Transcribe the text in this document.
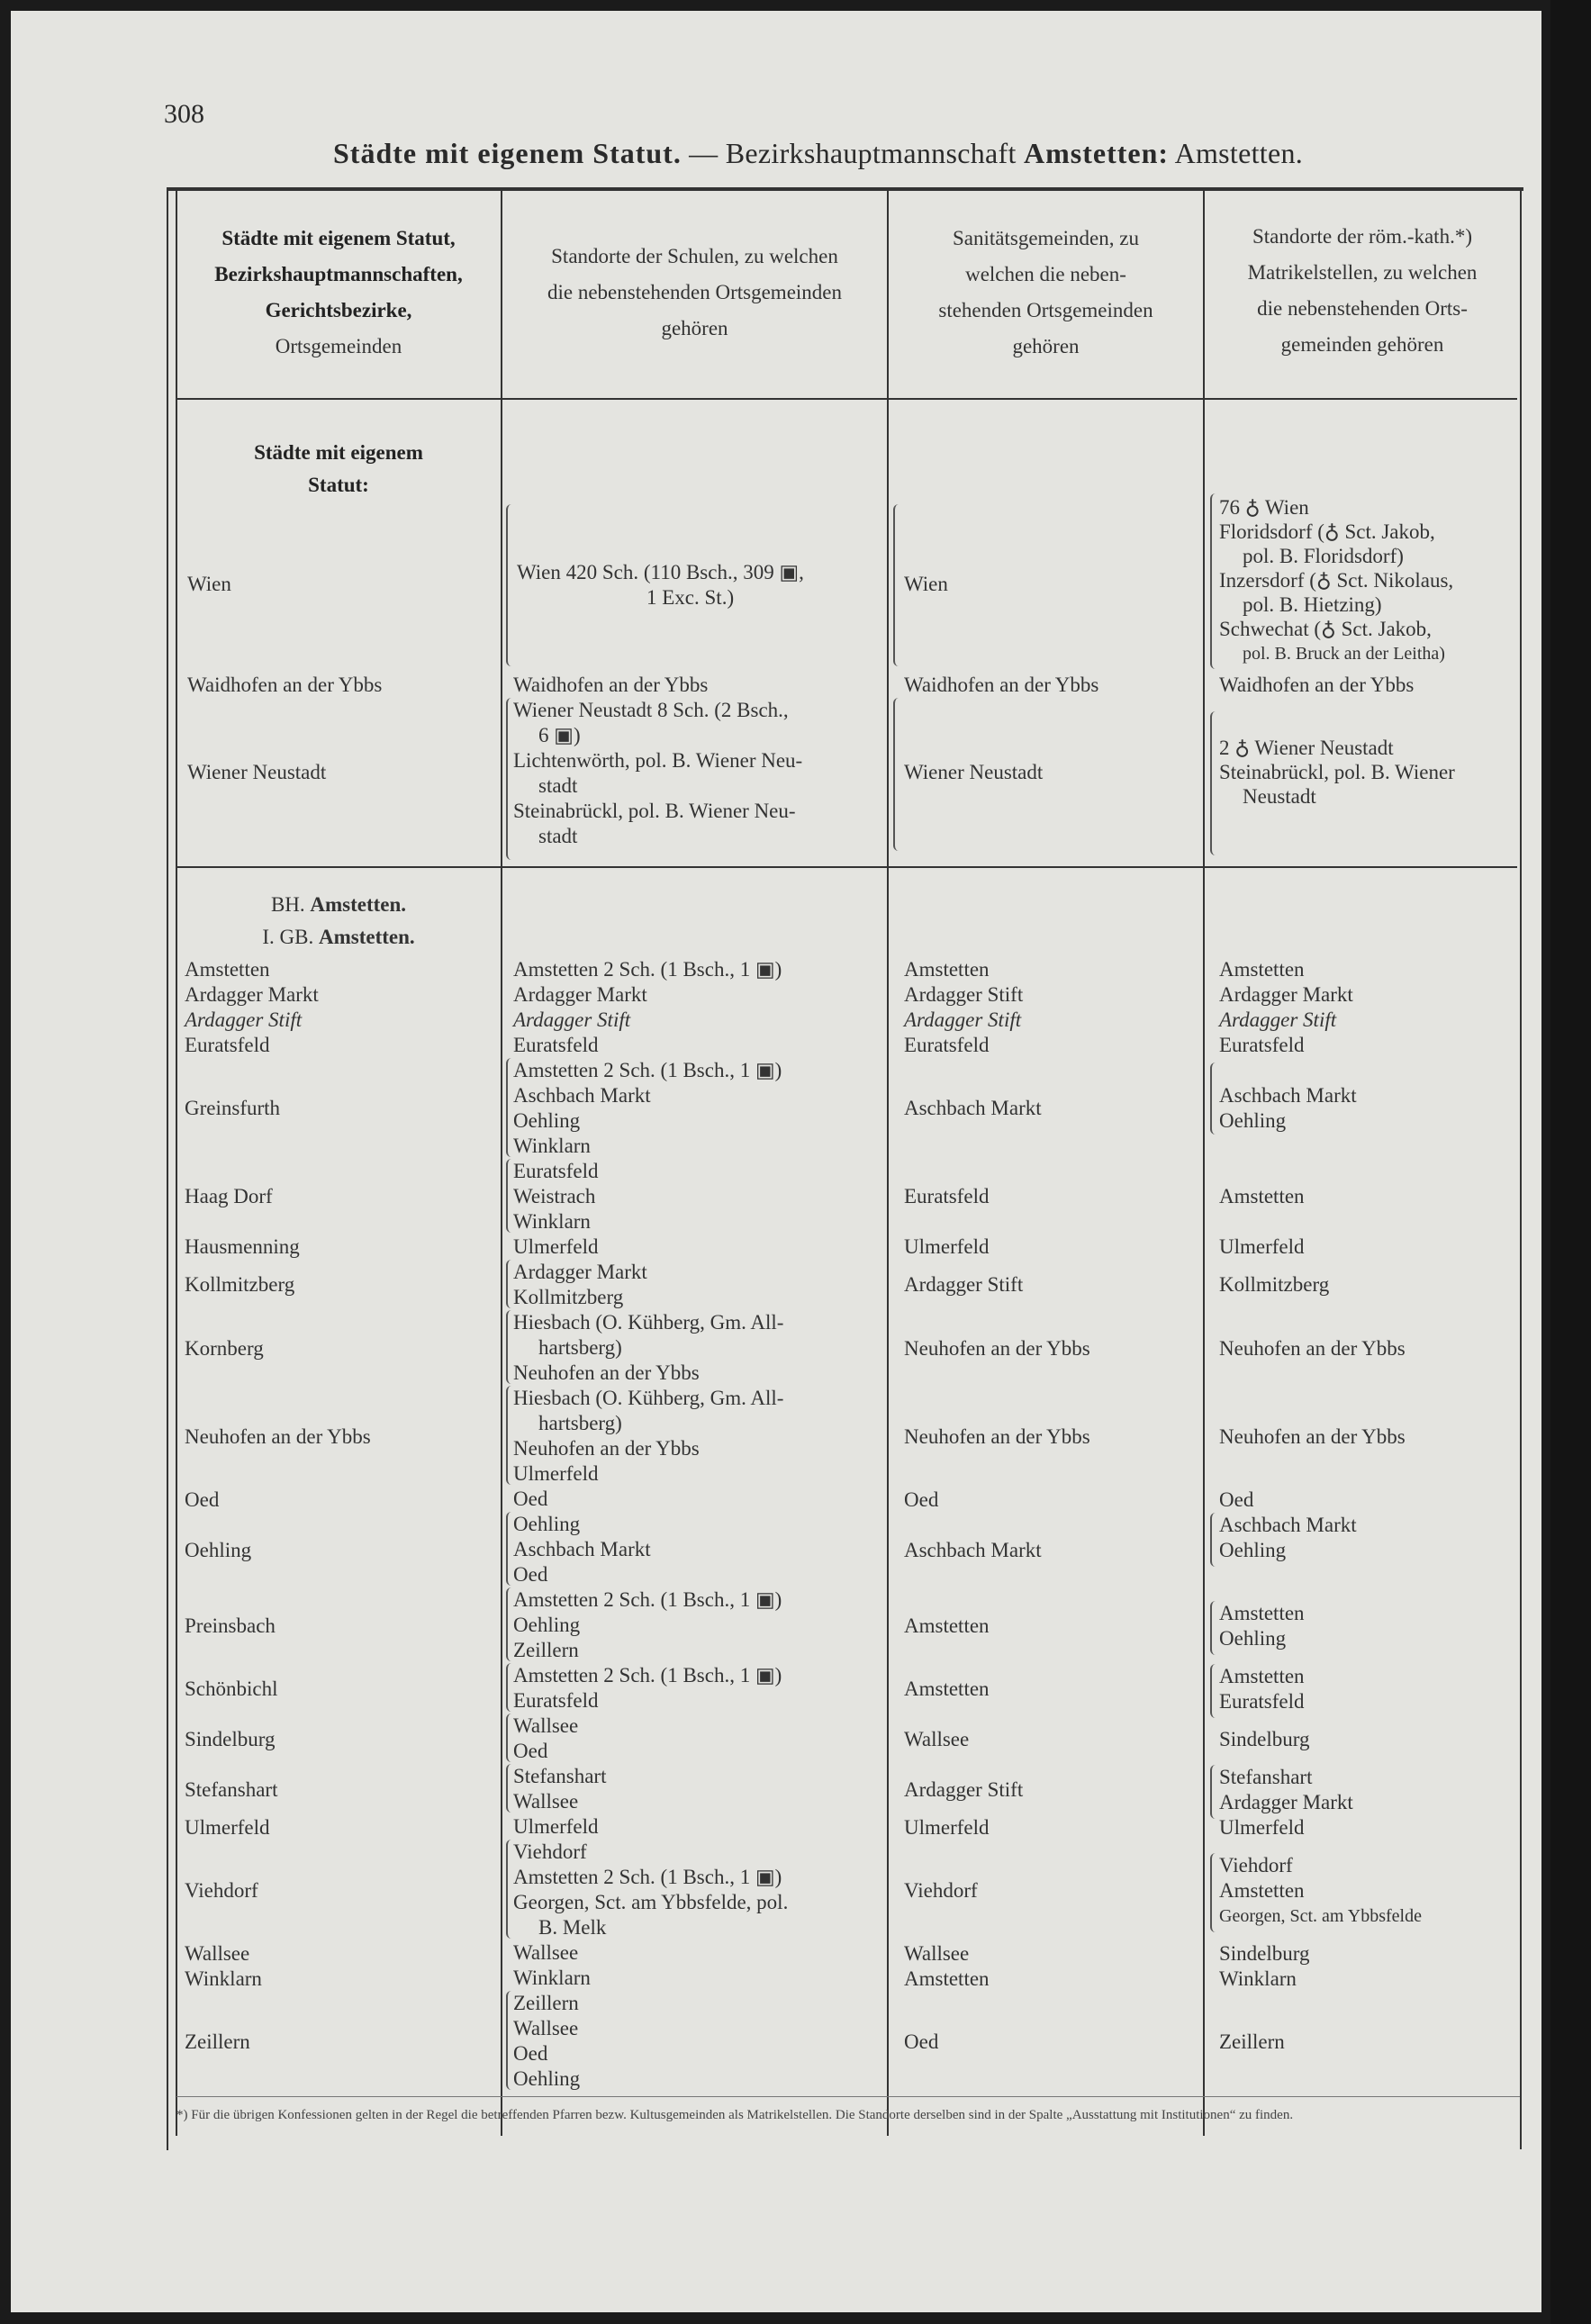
308
Städte mit eigenem Statut. — Bezirkshauptmannschaft Amstetten: Amstetten.
Städte mit eigenem Statut,
Bezirkshauptmannschaften,
Gerichtsbezirke,
Ortsgemeinden
Standorte der Schulen, zu welchen
die nebenstehenden Ortsgemeinden
gehören
Sanitätsgemeinden, zu
welchen die neben-
stehenden Ortsgemeinden
gehören
Standorte der röm.-kath.*)
Matrikelstellen, zu welchen
die nebenstehenden Orts-
gemeinden gehören
Städte mit eigenem
Statut:
Wien
Waidhofen an der Ybbs
Wiener Neustadt
Wien 420 Sch. (110 Bsch., 309 ▣,
1 Exc. St.)
Waidhofen an der Ybbs
Wiener Neustadt 8 Sch. (2 Bsch.,
6 ▣)
Lichtenwörth, pol. B. Wiener Neu-
stadt
Steinabrückl, pol. B. Wiener Neu-
stadt
Wien
Waidhofen an der Ybbs
Wiener Neustadt
76 ♁ Wien
Floridsdorf (♁ Sct. Jakob,
pol. B. Floridsdorf)
Inzersdorf (♁ Sct. Nikolaus,
pol. B. Hietzing)
Schwechat (♁ Sct. Jakob,
pol. B. Bruck an der Leitha)
Waidhofen an der Ybbs
2 ♁ Wiener Neustadt
Steinabrückl, pol. B. Wiener
Neustadt
BH. Amstetten.
I. GB. Amstetten.
Amstetten
Ardagger Markt
Ardagger Stift
Euratsfeld
Greinsfurth
Haag Dorf
Hausmenning
Kollmitzberg
Kornberg
Neuhofen an der Ybbs
Oed
Oehling
Preinsbach
Schönbichl
Sindelburg
Stefanshart
Ulmerfeld
Viehdorf
Wallsee
Winklarn
Zeillern
Amstetten 2 Sch. (1 Bsch., 1 ▣)
Ardagger Markt
Ardagger Stift
Euratsfeld
Amstetten 2 Sch. (1 Bsch., 1 ▣)
Aschbach Markt
Oehling
Winklarn
Euratsfeld
Weistrach
Winklarn
Ulmerfeld
Ardagger Markt
Kollmitzberg
Hiesbach (O. Kühberg, Gm. All-
hartsberg)
Neuhofen an der Ybbs
Hiesbach (O. Kühberg, Gm. All-
hartsberg)
Neuhofen an der Ybbs
Ulmerfeld
Oed
Oehling
Aschbach Markt
Oed
Amstetten 2 Sch. (1 Bsch., 1 ▣)
Oehling
Zeillern
Amstetten 2 Sch. (1 Bsch., 1 ▣)
Euratsfeld
Wallsee
Oed
Stefanshart
Wallsee
Ulmerfeld
Viehdorf
Amstetten 2 Sch. (1 Bsch., 1 ▣)
Georgen, Sct. am Ybbsfelde, pol.
B. Melk
Wallsee
Winklarn
Zeillern
Wallsee
Oed
Oehling
Amstetten
Ardagger Stift
Ardagger Stift
Euratsfeld
Aschbach Markt
Euratsfeld
Ulmerfeld
Ardagger Stift
Neuhofen an der Ybbs
Neuhofen an der Ybbs
Oed
Aschbach Markt
Amstetten
Amstetten
Wallsee
Ardagger Stift
Ulmerfeld
Viehdorf
Wallsee
Amstetten
Oed
Amstetten
Ardagger Markt
Ardagger Stift
Euratsfeld
Aschbach Markt
Oehling
Amstetten
Ulmerfeld
Kollmitzberg
Neuhofen an der Ybbs
Neuhofen an der Ybbs
Oed
Aschbach Markt
Oehling
Amstetten
Oehling
Amstetten
Euratsfeld
Sindelburg
Stefanshart
Ardagger Markt
Ulmerfeld
Viehdorf
Amstetten
Georgen, Sct. am Ybbsfelde
Sindelburg
Winklarn
Zeillern
*) Für die übrigen Konfessionen gelten in der Regel die betreffenden Pfarren bezw. Kultusgemeinden als Matrikelstellen. Die Standorte derselben sind in der Spalte „Ausstattung mit Institutionen“ zu finden.
